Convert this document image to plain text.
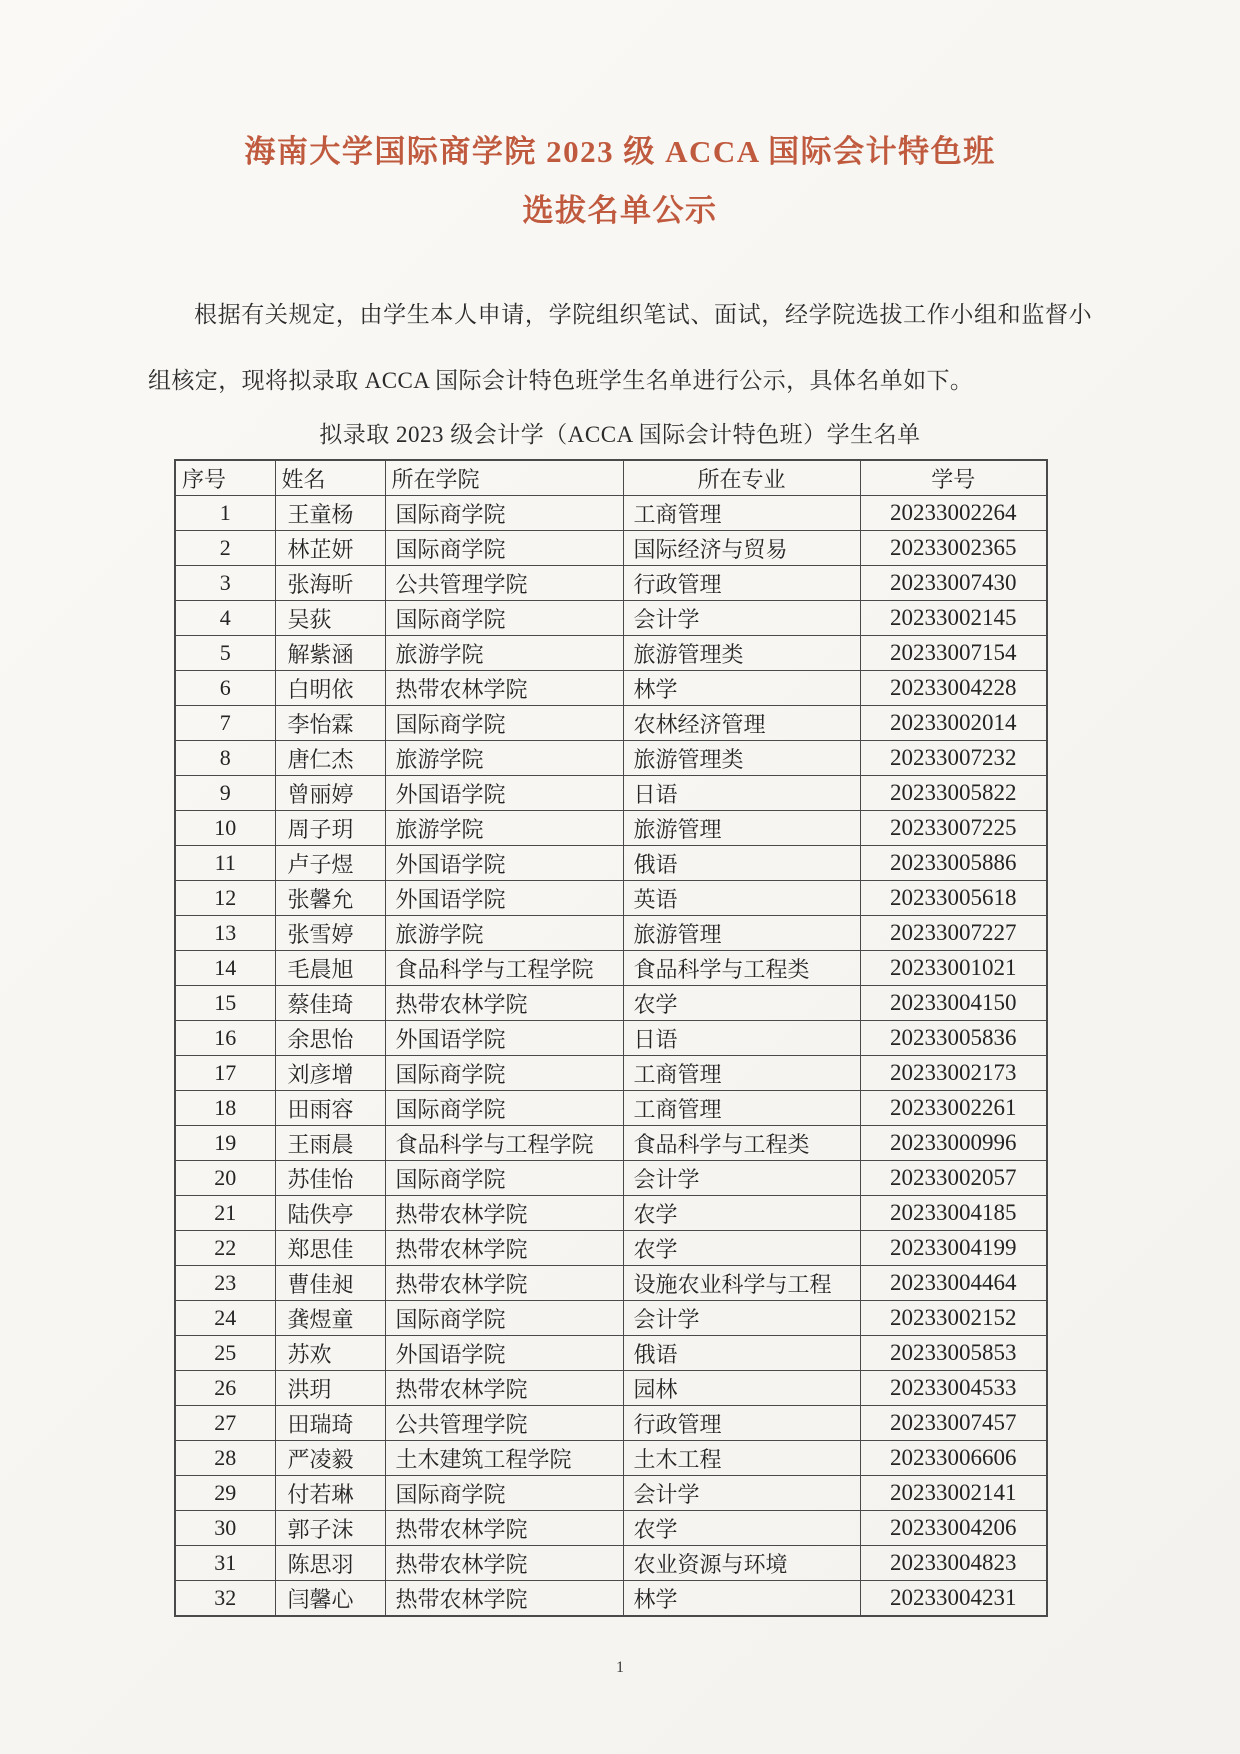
海南大学国际商学院 2023 级 ACCA 国际会计特色班
选拔名单公示
根据有关规定，由学生本人申请，学院组织笔试、面试，经学院选拔工作小组和监督小组核定，现将拟录取 ACCA 国际会计特色班学生名单进行公示，具体名单如下。
拟录取 2023 级会计学（ACCA 国际会计特色班）学生名单
序号	姓名	所在学院	所在专业	学号
1	王童杨	国际商学院	工商管理	20233002264
2	林芷妍	国际商学院	国际经济与贸易	20233002365
3	张海昕	公共管理学院	行政管理	20233007430
4	吴荻	国际商学院	会计学	20233002145
5	解紫涵	旅游学院	旅游管理类	20233007154
6	白明依	热带农林学院	林学	20233004228
7	李怡霖	国际商学院	农林经济管理	20233002014
8	唐仁杰	旅游学院	旅游管理类	20233007232
9	曾丽婷	外国语学院	日语	20233005822
10	周子玥	旅游学院	旅游管理	20233007225
11	卢子煜	外国语学院	俄语	20233005886
12	张馨允	外国语学院	英语	20233005618
13	张雪婷	旅游学院	旅游管理	20233007227
14	毛晨旭	食品科学与工程学院	食品科学与工程类	20233001021
15	蔡佳琦	热带农林学院	农学	20233004150
16	余思怡	外国语学院	日语	20233005836
17	刘彦增	国际商学院	工商管理	20233002173
18	田雨容	国际商学院	工商管理	20233002261
19	王雨晨	食品科学与工程学院	食品科学与工程类	20233000996
20	苏佳怡	国际商学院	会计学	20233002057
21	陆佚亭	热带农林学院	农学	20233004185
22	郑思佳	热带农林学院	农学	20233004199
23	曹佳昶	热带农林学院	设施农业科学与工程	20233004464
24	龚煜童	国际商学院	会计学	20233002152
25	苏欢	外国语学院	俄语	20233005853
26	洪玥	热带农林学院	园林	20233004533
27	田瑞琦	公共管理学院	行政管理	20233007457
28	严凌毅	土木建筑工程学院	土木工程	20233006606
29	付若琳	国际商学院	会计学	20233002141
30	郭子沫	热带农林学院	农学	20233004206
31	陈思羽	热带农林学院	农业资源与环境	20233004823
32	闫馨心	热带农林学院	林学	20233004231
1
